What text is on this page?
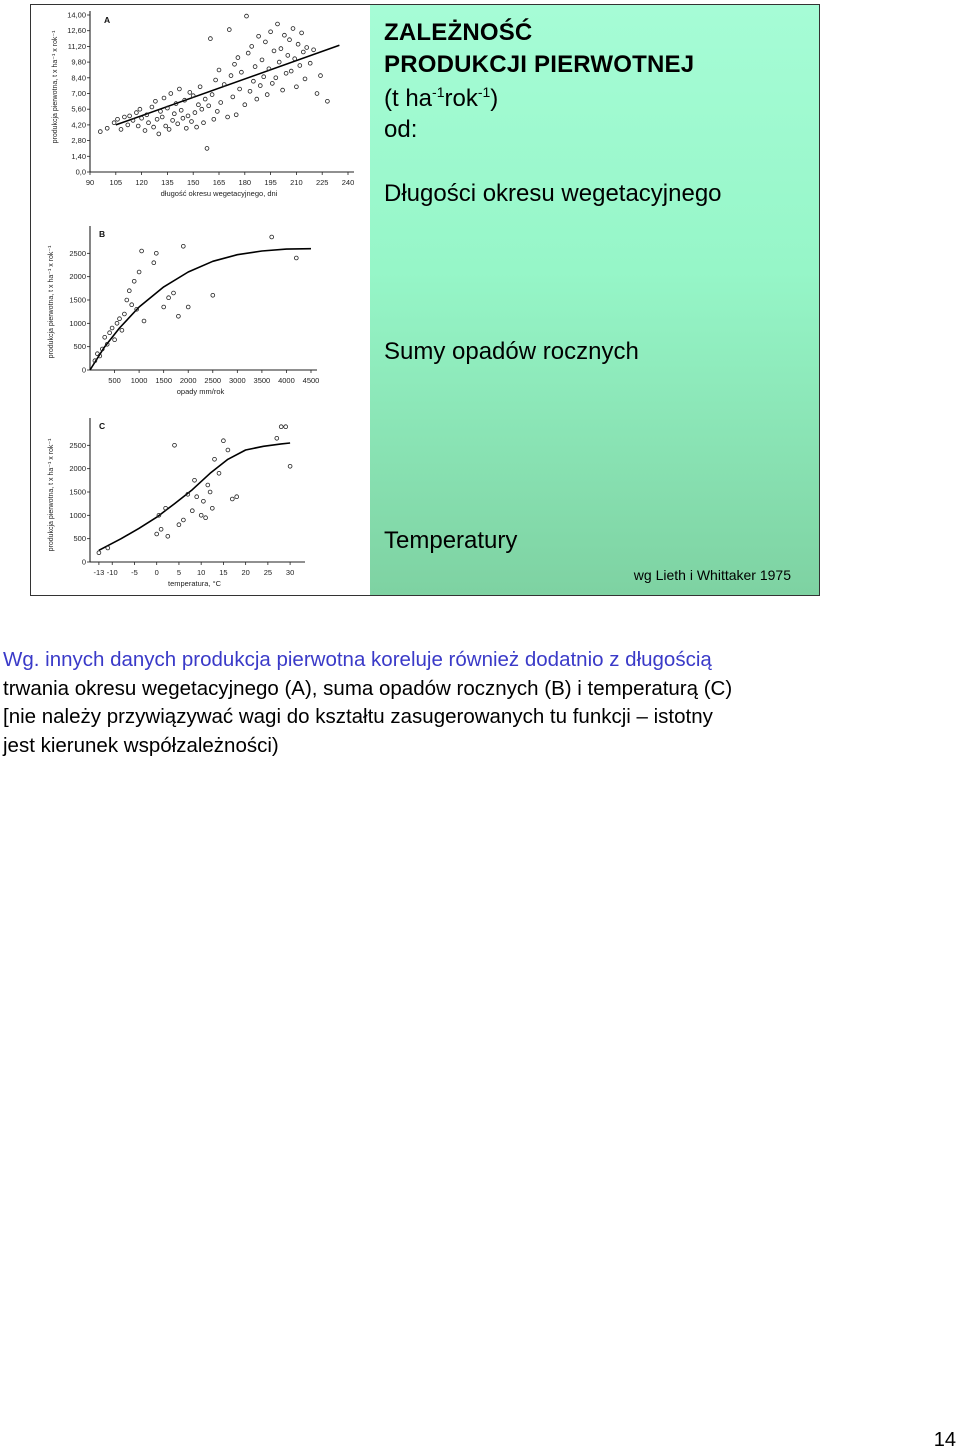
A
produkcja pierwotna, t x ha⁻¹ x rok⁻¹
0,0
1,40
2,80
4,20
5,60
7,00
8,40
9,80
11,20
12,60
14,00
90 105 120 135 150 165 180 195 210 225 240
długość okresu wegetacyjnego, dni
B
produkcja pierwotna, t x ha⁻¹ x rok⁻¹
0
500
1000
1500
2000
2500
500 1000 1500 2000 2500 3000 3500 4000 4500
opady mm/rok
C
produkcja pierwotna, t x ha⁻¹ x rok⁻¹
0
500
1000
1500
2000
2500
-13 -10 -5 0 5 10 15 20 25 30
temperatura, °C
ZALEŻNOŚĆ
PRODUKCJI PIERWOTNEJ
(t $ha^{-1}rok^{-1}$)
od:
Długości okresu wegetacyjnego
Sumy opadów rocznych
Temperatury
wg Lieth i Whittaker 1975
Wg. innych danych produkcja pierwotna koreluje również dodatnio z długością
trwania okresu wegetacyjnego (A), suma opadów rocznych (B) i temperaturą (C)
[nie należy przywiązywać wagi do kształtu zasugerowanych tu funkcji – istotny
jest kierunek współzależności)
14
